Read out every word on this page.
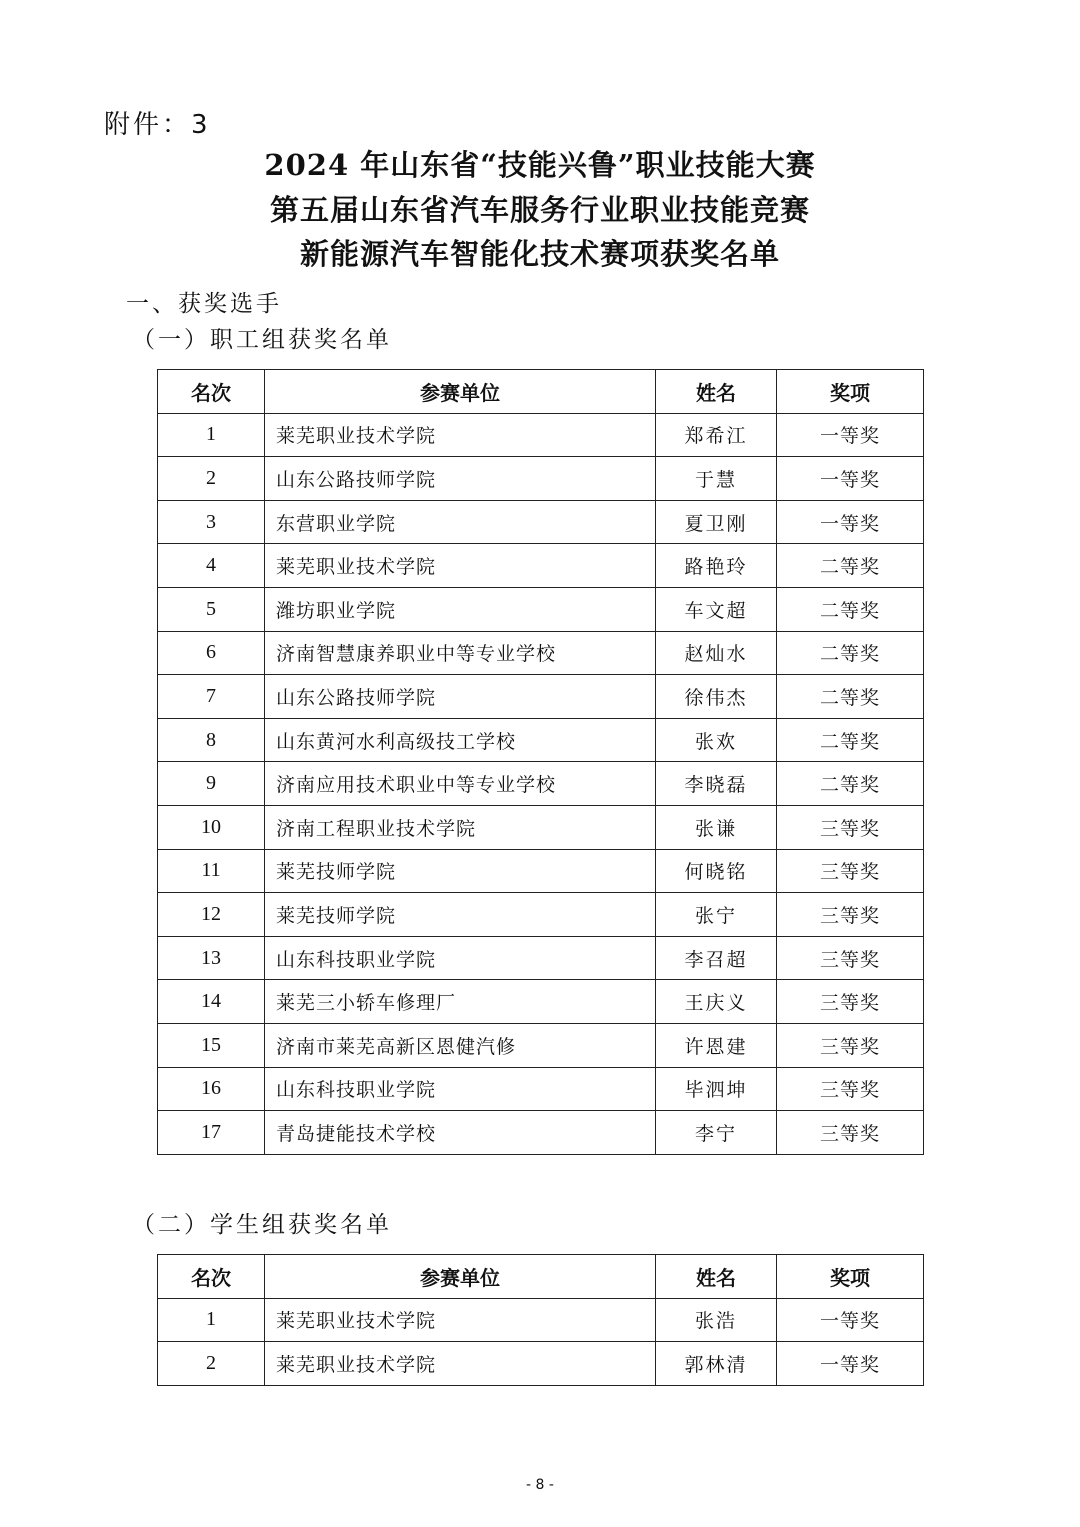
附件：3
2024 年山东省“技能兴鲁”职业技能大赛
第五届山东省汽车服务行业职业技能竞赛
新能源汽车智能化技术赛项获奖名单
一、获奖选手
（一）职工组获奖名单
名次	参赛单位	姓名	奖项
1	莱芜职业技术学院	郑希江	一等奖
2	山东公路技师学院	于慧	一等奖
3	东营职业学院	夏卫刚	一等奖
4	莱芜职业技术学院	路艳玲	二等奖
5	潍坊职业学院	车文超	二等奖
6	济南智慧康养职业中等专业学校	赵灿水	二等奖
7	山东公路技师学院	徐伟杰	二等奖
8	山东黄河水利高级技工学校	张欢	二等奖
9	济南应用技术职业中等专业学校	李晓磊	二等奖
10	济南工程职业技术学院	张谦	三等奖
11	莱芜技师学院	何晓铭	三等奖
12	莱芜技师学院	张宁	三等奖
13	山东科技职业学院	李召超	三等奖
14	莱芜三小轿车修理厂	王庆义	三等奖
15	济南市莱芜高新区恩健汽修	许恩建	三等奖
16	山东科技职业学院	毕泗坤	三等奖
17	青岛捷能技术学校	李宁	三等奖
（二）学生组获奖名单
名次	参赛单位	姓名	奖项
1	莱芜职业技术学院	张浩	一等奖
2	莱芜职业技术学院	郭林清	一等奖
- 8 -
